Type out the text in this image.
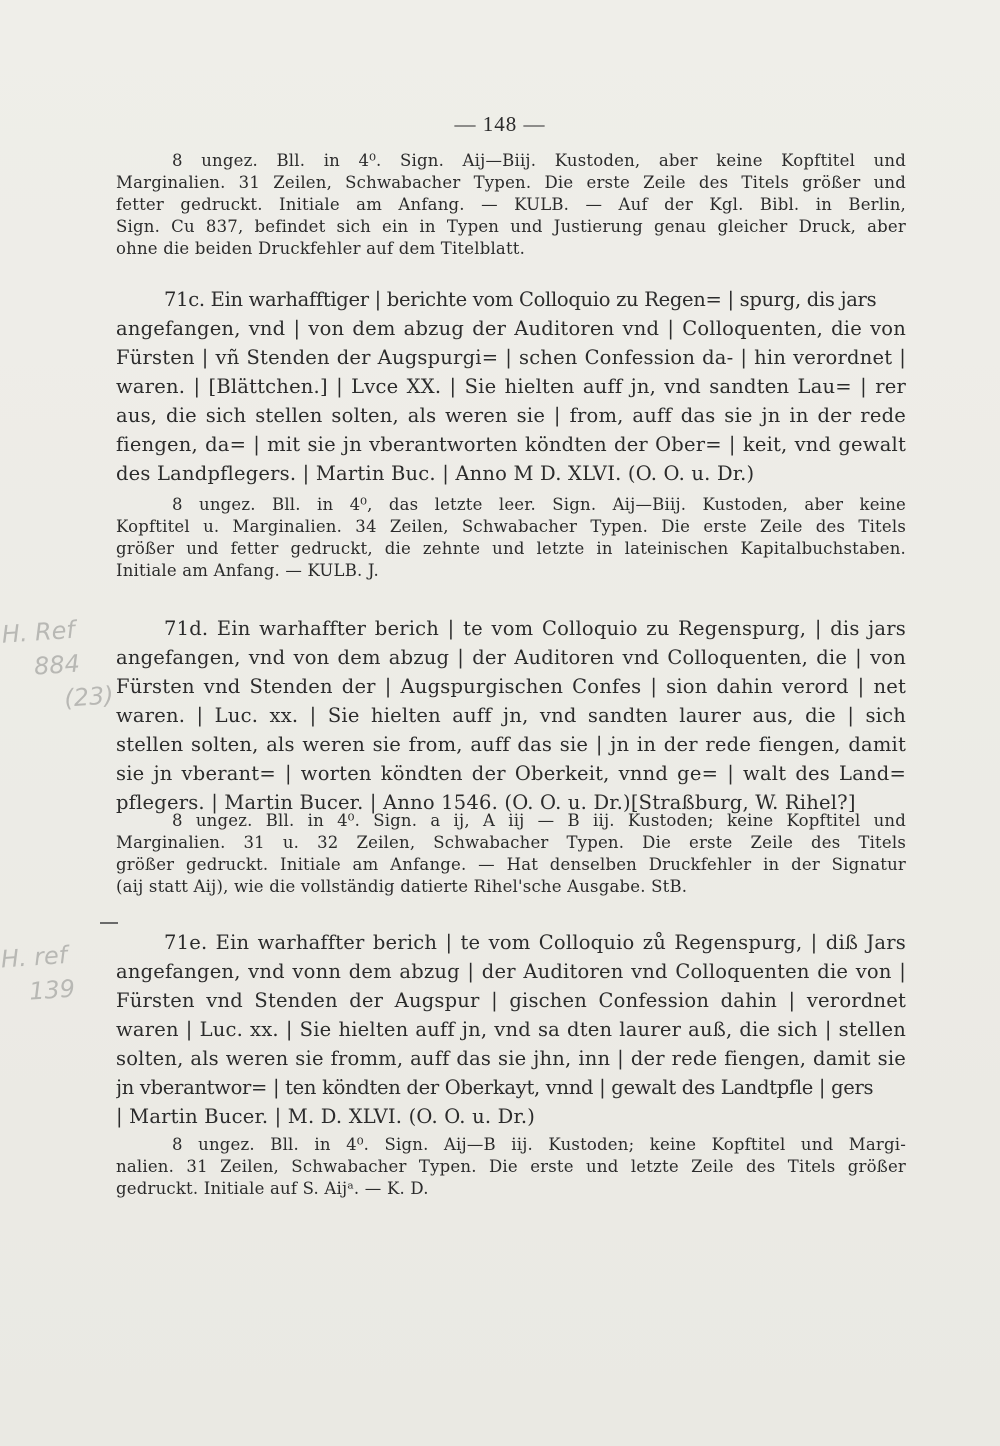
— 148 —

8 ungez. Bll. in 4⁰. Sign. Aij—Biij. Kustoden, aber keine Kopftitel und
Marginalien. 31 Zeilen, Schwabacher Typen. Die erste Zeile des Titels größer und
fetter gedruckt. Initiale am Anfang. — KULB. — Auf der Kgl. Bibl. in Berlin,
Sign. Cu 837, befindet sich ein in Typen und Justierung genau gleicher Druck, aber
ohne die beiden Druckfehler auf dem Titelblatt.

71c. Ein warhafftiger | berichte vom Colloquio zu Regen= | spurg, dis jars
angefangen, vnd | von dem abzug der Auditoren vnd | Colloquenten, die von
Fürsten | vñ Stenden der Augspurgi= | schen Confession da- | hin verordnet |
waren. | [Blättchen.] | Lvce XX. | Sie hielten auff jn, vnd sandten Lau= | rer
aus, die sich stellen solten, als weren sie | from, auff das sie jn in der rede
fiengen, da= | mit sie jn vberantworten köndten der Ober= | keit, vnd gewalt
des Landpflegers. | Martin Buc. | Anno M D. XLVI. (O. O. u. Dr.)

8 ungez. Bll. in 4⁰, das letzte leer. Sign. Aij—Biij. Kustoden, aber keine
Kopftitel u. Marginalien. 34 Zeilen, Schwabacher Typen. Die erste Zeile des Titels
größer und fetter gedruckt, die zehnte und letzte in lateinischen Kapitalbuchstaben.
Initiale am Anfang. — KULB. J.

71d. Ein warhaffter berich | te vom Colloquio zu Regenspurg, | dis jars
angefangen, vnd von dem abzug | der Auditoren vnd Colloquenten, die | von
Fürsten vnd Stenden der | Augspurgischen Confes | sion dahin verord | net
waren. | Luc. xx. | Sie hielten auff jn, vnd sandten laurer aus, die | sich
stellen solten, als weren sie from, auff das sie | jn in der rede fiengen, damit
sie jn vberant= | worten köndten der Oberkeit, vnnd ge= | walt des Land=
pflegers. | Martin Bucer. | Anno 1546. (O. O. u. Dr.)[Straßburg, W. Rihel?]

8 ungez. Bll. in 4⁰. Sign. a ij, A iij — B iij. Kustoden; keine Kopftitel und
Marginalien. 31 u. 32 Zeilen, Schwabacher Typen. Die erste Zeile des Titels
größer gedruckt. Initiale am Anfange. — Hat denselben Druckfehler in der Signatur
(aij statt Aij), wie die vollständig datierte Rihel'sche Ausgabe. StB.

71e. Ein warhaffter berich | te vom Colloquio zů Regenspurg, | diß Jars
angefangen, vnd vonn dem abzug | der Auditoren vnd Colloquenten die von |
Fürsten vnd Stenden der Augspur | gischen Confession dahin | verordnet
waren | Luc. xx. | Sie hielten auff jn, vnd sa dten laurer auß, die sich | stellen
solten, als weren sie fromm, auff das sie jhn, inn | der rede fiengen, damit sie
jn vberantwor= | ten köndten der Oberkayt, vnnd | gewalt des Landtpfle | gers
| Martin Bucer. | M. D. XLVI. (O. O. u. Dr.)

8 ungez. Bll. in 4⁰. Sign. Aij—B iij. Kustoden; keine Kopftitel und Margi-
nalien. 31 Zeilen, Schwabacher Typen. Die erste und letzte Zeile des Titels größer
gedruckt. Initiale auf S. Aijᵃ. — K. D.

H. Ref
884
(23)
H. ref
139
